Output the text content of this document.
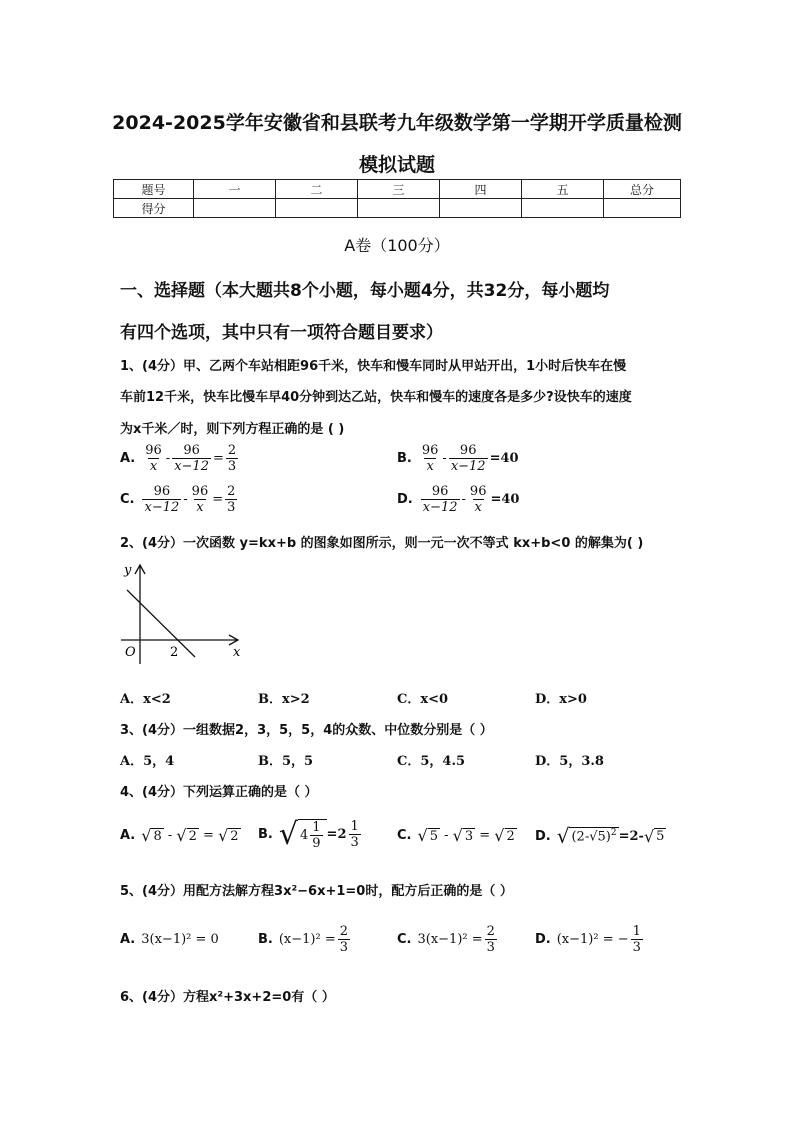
2024-2025学年安徽省和县联考九年级数学第一学期开学质量检测
模拟试题
题号	一	二	三	四	五	总分
得分						
A卷（100分）
一、选择题（本大题共8个小题，每小题4分，共32分，每小题均
有四个选项，其中只有一项符合题目要求）
1、(4分）甲、乙两个车站相距96千米，快车和慢车同时从甲站开出，1小时后快车在慢
车前12千米，快车比慢车早40分钟到达乙站，快车和慢车的速度各是多少?设快车的速度
为x千米／时，则下列方程正确的是 ( )
A. $\frac{96}{x} - \frac{96}{x-12} = \frac{2}{3}$	B. $\frac{96}{x} - \frac{96}{x-12} =40$
C. $\frac{96}{x-12} - \frac{96}{x} = \frac{2}{3}$	D. $\frac{96}{x-12} - \frac{96}{x} =40$
2、(4分）一次函数 y=kx+b 的图象如图所示，则一元一次不等式 kx+b<0 的解集为( )
y
x
O	2
A．x<2	B．x>2	C．x<0	D．x>0
3、(4分）一组数据2，3，5，5，4的众数、中位数分别是（ ）
A．5，4	B．5，5	C．5，4.5	D．5，3.8
4、(4分）下列运算正确的是（ ）
A. √ 8 - √ 2 = √ 2 B. √ $4 \frac{1}{9} =2 \frac{1}{3}$	C. √ 5 - √ 3 = √ 2 D. √ $(2-√5)^2 =2-$ √ 5
5、(4分）用配方法解方程3x²−6x+1=0时，配方后正确的是（ ）
A. 3(x−1)² = 0	B. $(x-1)^2 = \frac{2}{3}$	C. $3(x-1)^2 = \frac{2}{3}$	D. (x−1)² = − $\frac{1}{3}$
6、(4分）方程x²+3x+2=0有（ ）
